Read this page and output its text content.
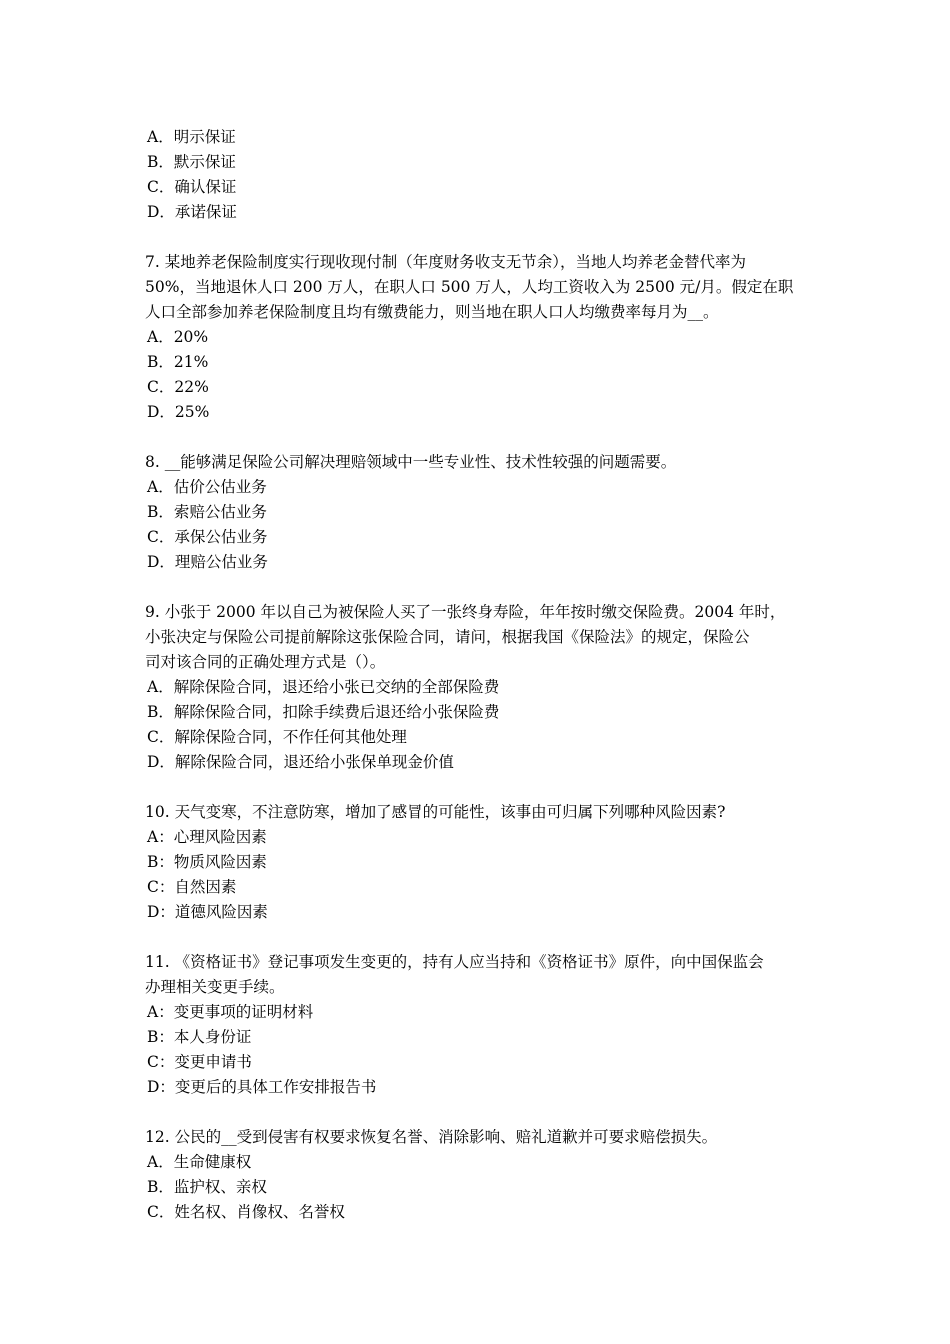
A．明示保证
B．默示保证
C．确认保证
D．承诺保证
7. 某地养老保险制度实行现收现付制（年度财务收支无节余），当地人均养老金替代率为
50%，当地退休人口 200 万人，在职人口 500 万人，人均工资收入为 2500 元/月。假定在职
人口全部参加养老保险制度且均有缴费能力，则当地在职人口人均缴费率每月为__。
A．20%
B．21%
C．22%
D．25%
8. __能够满足保险公司解决理赔领域中一些专业性、技术性较强的问题需要。
A．估价公估业务
B．索赔公估业务
C．承保公估业务
D．理赔公估业务
9. 小张于 2000 年以自己为被保险人买了一张终身寿险，年年按时缴交保险费。2004 年时，
小张决定与保险公司提前解除这张保险合同，请问，根据我国《保险法》的规定，保险公
司对该合同的正确处理方式是（）。
A．解除保险合同，退还给小张已交纳的全部保险费
B．解除保险合同，扣除手续费后退还给小张保险费
C．解除保险合同，不作任何其他处理
D．解除保险合同，退还给小张保单现金价值
10. 天气变寒，不注意防寒，增加了感冒的可能性，该事由可归属下列哪种风险因素?
A：心理风险因素
B：物质风险因素
C：自然因素
D：道德风险因素
11. 《资格证书》登记事项发生变更的，持有人应当持和《资格证书》原件，向中国保监会
办理相关变更手续。
A：变更事项的证明材料
B：本人身份证
C：变更申请书
D：变更后的具体工作安排报告书
12. 公民的__受到侵害有权要求恢复名誉、消除影响、赔礼道歉并可要求赔偿损失。
A．生命健康权
B．监护权、亲权
C．姓名权、肖像权、名誉权
